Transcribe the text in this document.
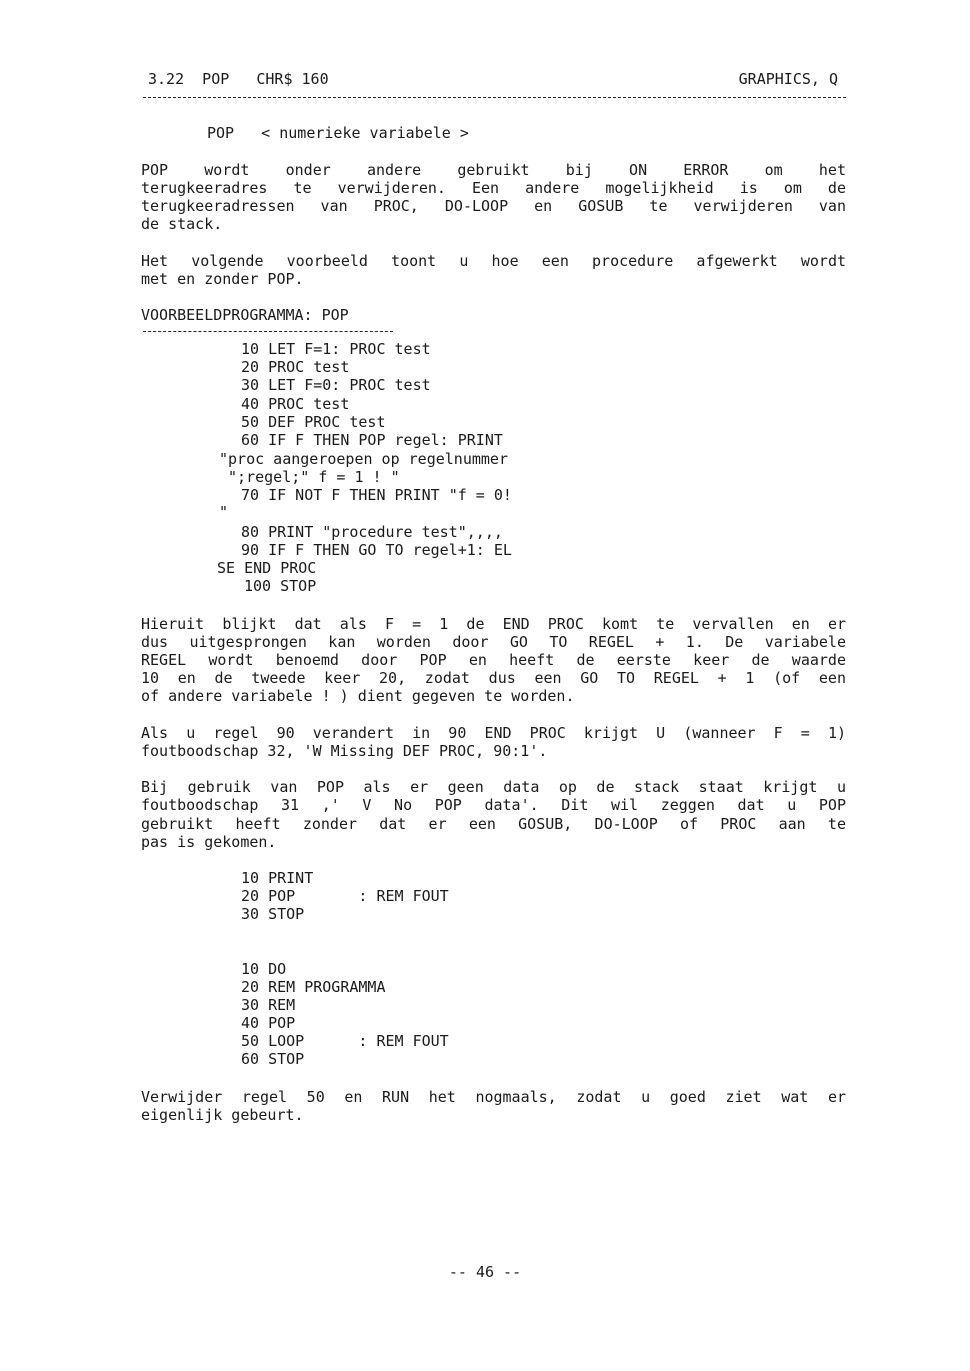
3.22  POP   CHR$ 160	GRAPHICS, Q
POP   < numerieke variabele >
POP wordt onder andere gebruikt bij ON ERROR om het
terugkeeradres te verwijderen. Een andere mogelijkheid is om de
terugkeeradressen van PROC, DO-LOOP en GOSUB te verwijderen van
de stack.
Het volgende voorbeeld toont u hoe een procedure afgewerkt wordt
met en zonder POP.
VOORBEELDPROGRAMMA: POP
10 LET F=1: PROC test
20 PROC test
30 LET F=0: PROC test
40 PROC test
50 DEF PROC test
60 IF F THEN POP regel: PRINT
"proc aangeroepen op regelnummer
";regel;" f = 1 ! "
70 IF NOT F THEN PRINT "f = 0!
"
80 PRINT "procedure test",,,,
90 IF F THEN GO TO regel+1: EL
SE END PROC
100 STOP
Hieruit blijkt dat als F = 1 de END PROC komt te vervallen en er
dus uitgesprongen kan worden door GO TO REGEL + 1. De variabele
REGEL wordt benoemd door POP en heeft de eerste keer de waarde
10 en de tweede keer 20, zodat dus een GO TO REGEL + 1 (of een
of andere variabele ! ) dient gegeven te worden.
Als u regel 90 verandert in 90 END PROC krijgt U (wanneer F = 1)
foutboodschap 32, 'W Missing DEF PROC, 90:1'.
Bij gebruik van POP als er geen data op de stack staat krijgt u
foutboodschap 31 ,' V No POP data'. Dit wil zeggen dat u POP
gebruikt heeft zonder dat er een GOSUB, DO-LOOP of PROC aan te
pas is gekomen.
10 PRINT
20 POP       : REM FOUT
30 STOP
10 DO
20 REM PROGRAMMA
30 REM
40 POP
50 LOOP      : REM FOUT
60 STOP
Verwijder regel 50 en RUN het nogmaals, zodat u goed ziet wat er
eigenlijk gebeurt.
-- 46 --
